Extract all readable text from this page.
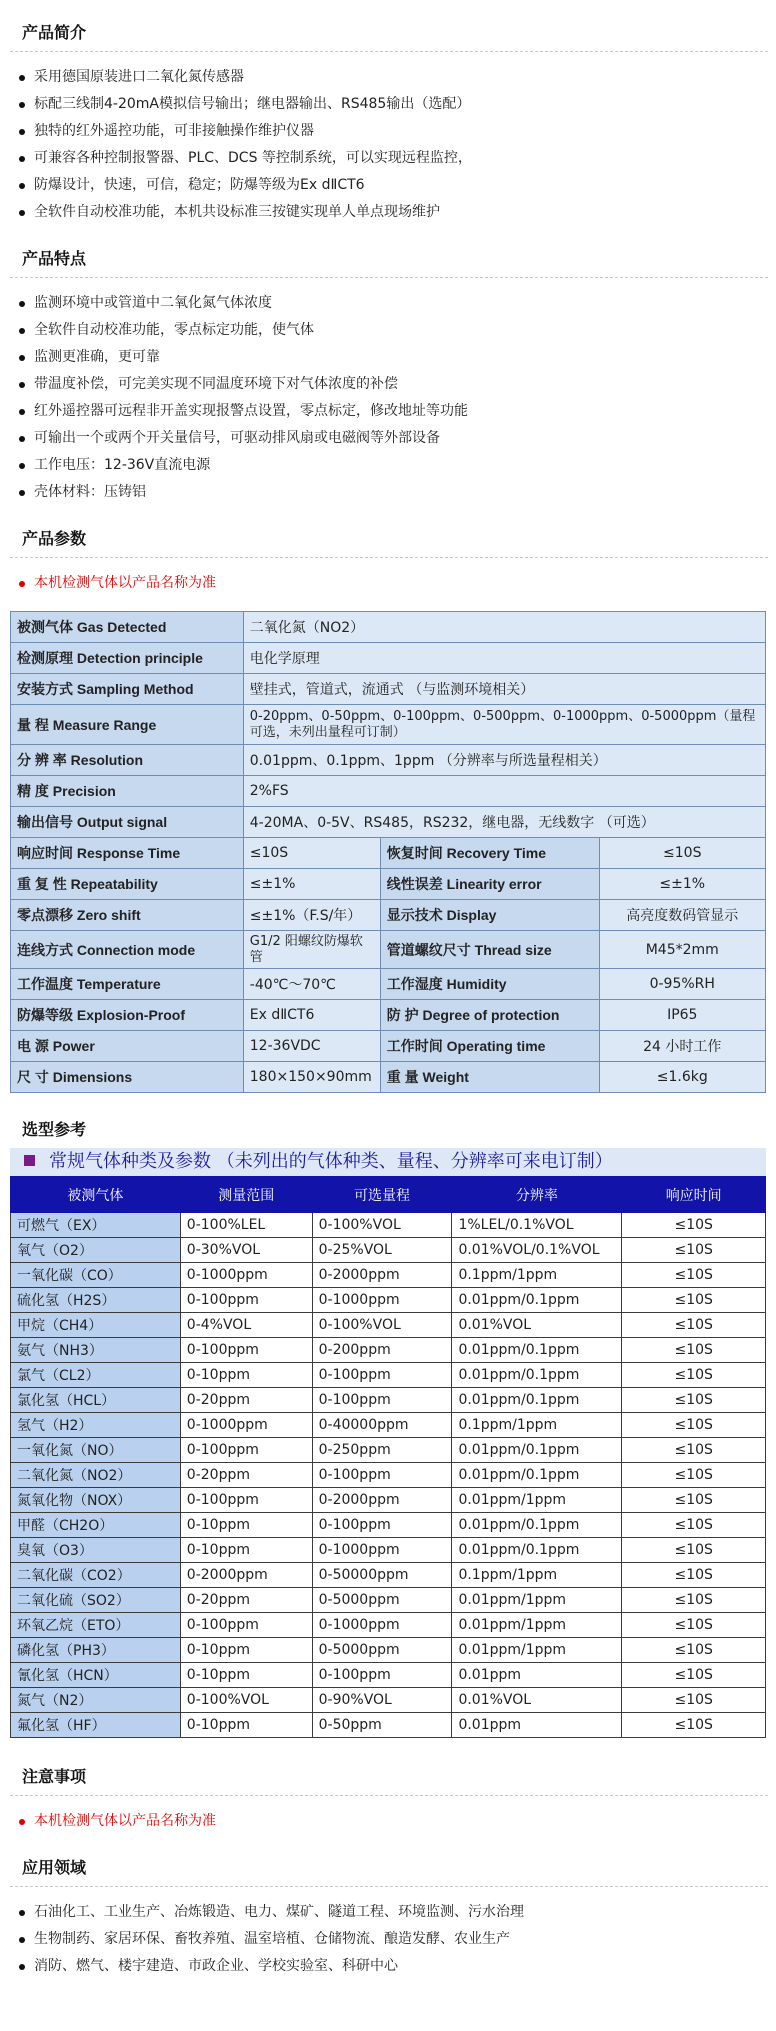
产品简介
采用德国原装进口二氧化氮传感器
标配三线制4-20mA模拟信号输出；继电器输出、RS485输出（选配）
独特的红外遥控功能，可非接触操作维护仪器
可兼容各种控制报警器、PLC、DCS 等控制系统，可以实现远程监控，
防爆设计，快速，可信，稳定；防爆等级为Ex dⅡCT6
全软件自动校准功能，本机共设标准三按键实现单人单点现场维护
产品特点
监测环境中或管道中二氧化氮气体浓度
全软件自动校准功能，零点标定功能，使气体
监测更准确，更可靠
带温度补偿，可完美实现不同温度环境下对气体浓度的补偿
红外遥控器可远程非开盖实现报警点设置，零点标定，修改地址等功能
可输出一个或两个开关量信号，可驱动排风扇或电磁阀等外部设备
工作电压：12-36V直流电源
壳体材料：压铸铝
产品参数
本机检测气体以产品名称为准
被测气体 Gas Detected	二氧化氮（NO2）		
检测原理 Detection principle	电化学原理		
安装方式 Sampling Method	壁挂式，管道式，流通式 （与监测环境相关）		
量 程 Measure Range	0-20ppm、0-50ppm、0-100ppm、0-500ppm、0-1000ppm、0-5000ppm（量程可选，未列出量程可订制）		
分 辨 率 Resolution	0.01ppm、0.1ppm、1ppm （分辨率与所选量程相关）		
精 度 Precision	2%FS		
输出信号 Output signal	4-20MA、0-5V、RS485，RS232，继电器，无线数字 （可选）		
响应时间 Response Time	≤10S	恢复时间 Recovery Time	≤10S
重 复 性 Repeatability	≤±1%	线性误差 Linearity error	≤±1%
零点漂移 Zero shift	≤±1%（F.S/年）	显示技术 Display	高亮度数码管显示
连线方式 Connection mode	G1/2 阳螺纹防爆软管	管道螺纹尺寸 Thread size	M45*2mm
工作温度 Temperature	-40℃～70℃	工作湿度 Humidity	0-95%RH
防爆等级 Explosion-Proof	Ex dⅡCT6	防 护 Degree of protection	IP65
电 源 Power	12-36VDC	工作时间 Operating time	24 小时工作
尺 寸 Dimensions	180×150×90mm	重 量 Weight	≤1.6kg
选型参考
常规气体种类及参数 （未列出的气体种类、量程、分辨率可来电订制）
被测气体	测量范围	可选量程	分辨率	响应时间
可燃气（EX）	0-100%LEL	0-100%VOL	1%LEL/0.1%VOL	≤10S
氧气（O2）	0-30%VOL	0-25%VOL	0.01%VOL/0.1%VOL	≤10S
一氧化碳（CO）	0-1000ppm	0-2000ppm	0.1ppm/1ppm	≤10S
硫化氢（H2S）	0-100ppm	0-1000ppm	0.01ppm/0.1ppm	≤10S
甲烷（CH4）	0-4%VOL	0-100%VOL	0.01%VOL	≤10S
氨气（NH3）	0-100ppm	0-200ppm	0.01ppm/0.1ppm	≤10S
氯气（CL2）	0-10ppm	0-100ppm	0.01ppm/0.1ppm	≤10S
氯化氢（HCL）	0-20ppm	0-100ppm	0.01ppm/0.1ppm	≤10S
氢气（H2）	0-1000ppm	0-40000ppm	0.1ppm/1ppm	≤10S
一氧化氮（NO）	0-100ppm	0-250ppm	0.01ppm/0.1ppm	≤10S
二氧化氮（NO2）	0-20ppm	0-100ppm	0.01ppm/0.1ppm	≤10S
氮氧化物（NOX）	0-100ppm	0-2000ppm	0.01ppm/1ppm	≤10S
甲醛（CH2O）	0-10ppm	0-100ppm	0.01ppm/0.1ppm	≤10S
臭氧（O3）	0-10ppm	0-1000ppm	0.01ppm/0.1ppm	≤10S
二氧化碳（CO2）	0-2000ppm	0-50000ppm	0.1ppm/1ppm	≤10S
二氧化硫（SO2）	0-20ppm	0-5000ppm	0.01ppm/1ppm	≤10S
环氧乙烷（ETO）	0-100ppm	0-1000ppm	0.01ppm/1ppm	≤10S
磷化氢（PH3）	0-10ppm	0-5000ppm	0.01ppm/1ppm	≤10S
氰化氢（HCN）	0-10ppm	0-100ppm	0.01ppm	≤10S
氮气（N2）	0-100%VOL	0-90%VOL	0.01%VOL	≤10S
氟化氢（HF）	0-10ppm	0-50ppm	0.01ppm	≤10S
注意事项
本机检测气体以产品名称为准
应用领域
石油化工、工业生产、冶炼锻造、电力、煤矿、隧道工程、环境监测、污水治理
生物制药、家居环保、畜牧养殖、温室培植、仓储物流、酿造发酵、农业生产
消防、燃气、楼宇建造、市政企业、学校实验室、科研中心
